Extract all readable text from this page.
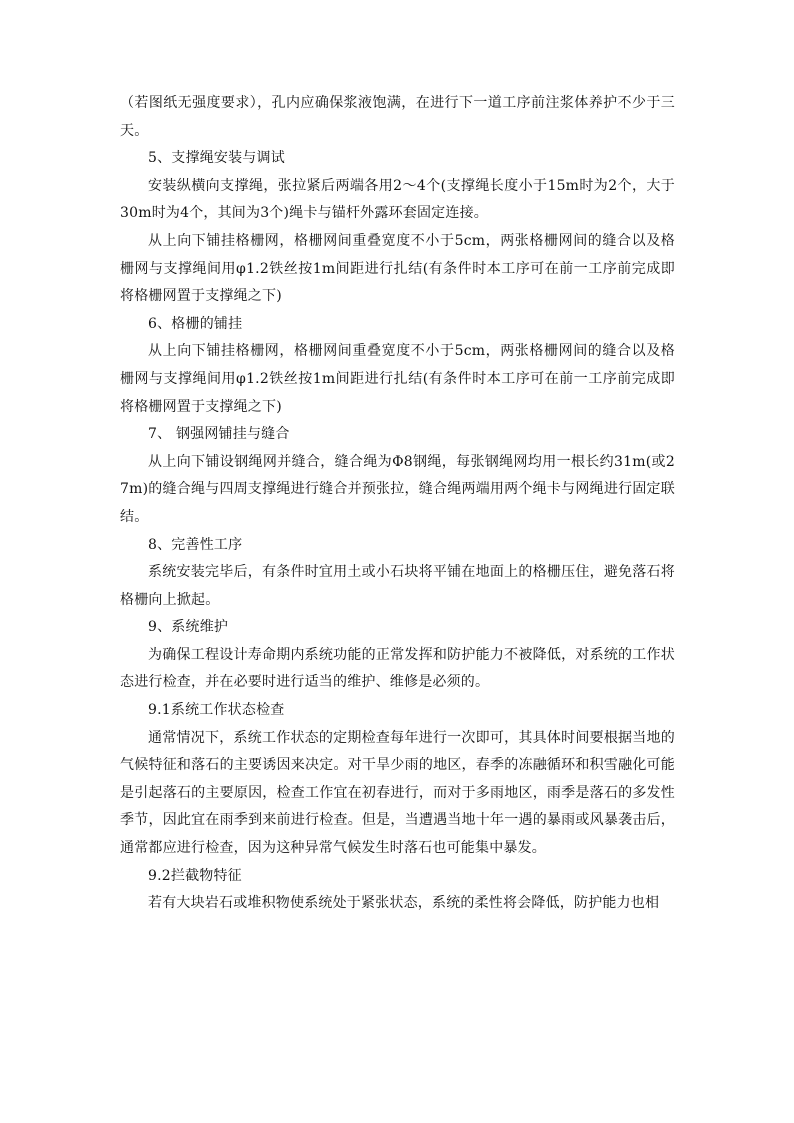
（若图纸无强度要求），孔内应确保浆液饱满，在进行下一道工序前注浆体养护不少于三天。

5、支撑绳安装与调试

安装纵横向支撑绳，张拉紧后两端各用2～4个(支撑绳长度小于15m时为2个，大于30m时为4个，其间为3个)绳卡与锚杆外露环套固定连接。

从上向下铺挂格栅网，格栅网间重叠宽度不小于5cm，两张格栅网间的缝合以及格栅网与支撑绳间用φ1.2铁丝按1m间距进行扎结(有条件时本工序可在前一工序前完成即将格栅网置于支撑绳之下)

6、格栅的铺挂

从上向下铺挂格栅网，格栅网间重叠宽度不小于5cm，两张格栅网间的缝合以及格栅网与支撑绳间用φ1.2铁丝按1m间距进行扎结(有条件时本工序可在前一工序前完成即将格栅网置于支撑绳之下)

7、 钢强网铺挂与缝合

从上向下铺设钢绳网并缝合，缝合绳为Φ8钢绳，每张钢绳网均用一根长约31m(或27m)的缝合绳与四周支撑绳进行缝合并预张拉，缝合绳两端用两个绳卡与网绳进行固定联结。

8、完善性工序

系统安装完毕后，有条件时宜用土或小石块将平铺在地面上的格栅压住，避免落石将格栅向上掀起。

9、系统维护

为确保工程设计寿命期内系统功能的正常发挥和防护能力不被降低，对系统的工作状态进行检查，并在必要时进行适当的维护、维修是必须的。

9.1系统工作状态检查

通常情况下，系统工作状态的定期检查每年进行一次即可，其具体时间要根据当地的气候特征和落石的主要诱因来决定。对干旱少雨的地区，春季的冻融循环和积雪融化可能是引起落石的主要原因，检查工作宜在初春进行，而对于多雨地区，雨季是落石的多发性季节，因此宜在雨季到来前进行检查。但是，当遭遇当地十年一遇的暴雨或风暴袭击后，通常都应进行检查，因为这种异常气候发生时落石也可能集中暴发。

9.2拦截物特征

若有大块岩石或堆积物使系统处于紧张状态，系统的柔性将会降低，防护能力也相
